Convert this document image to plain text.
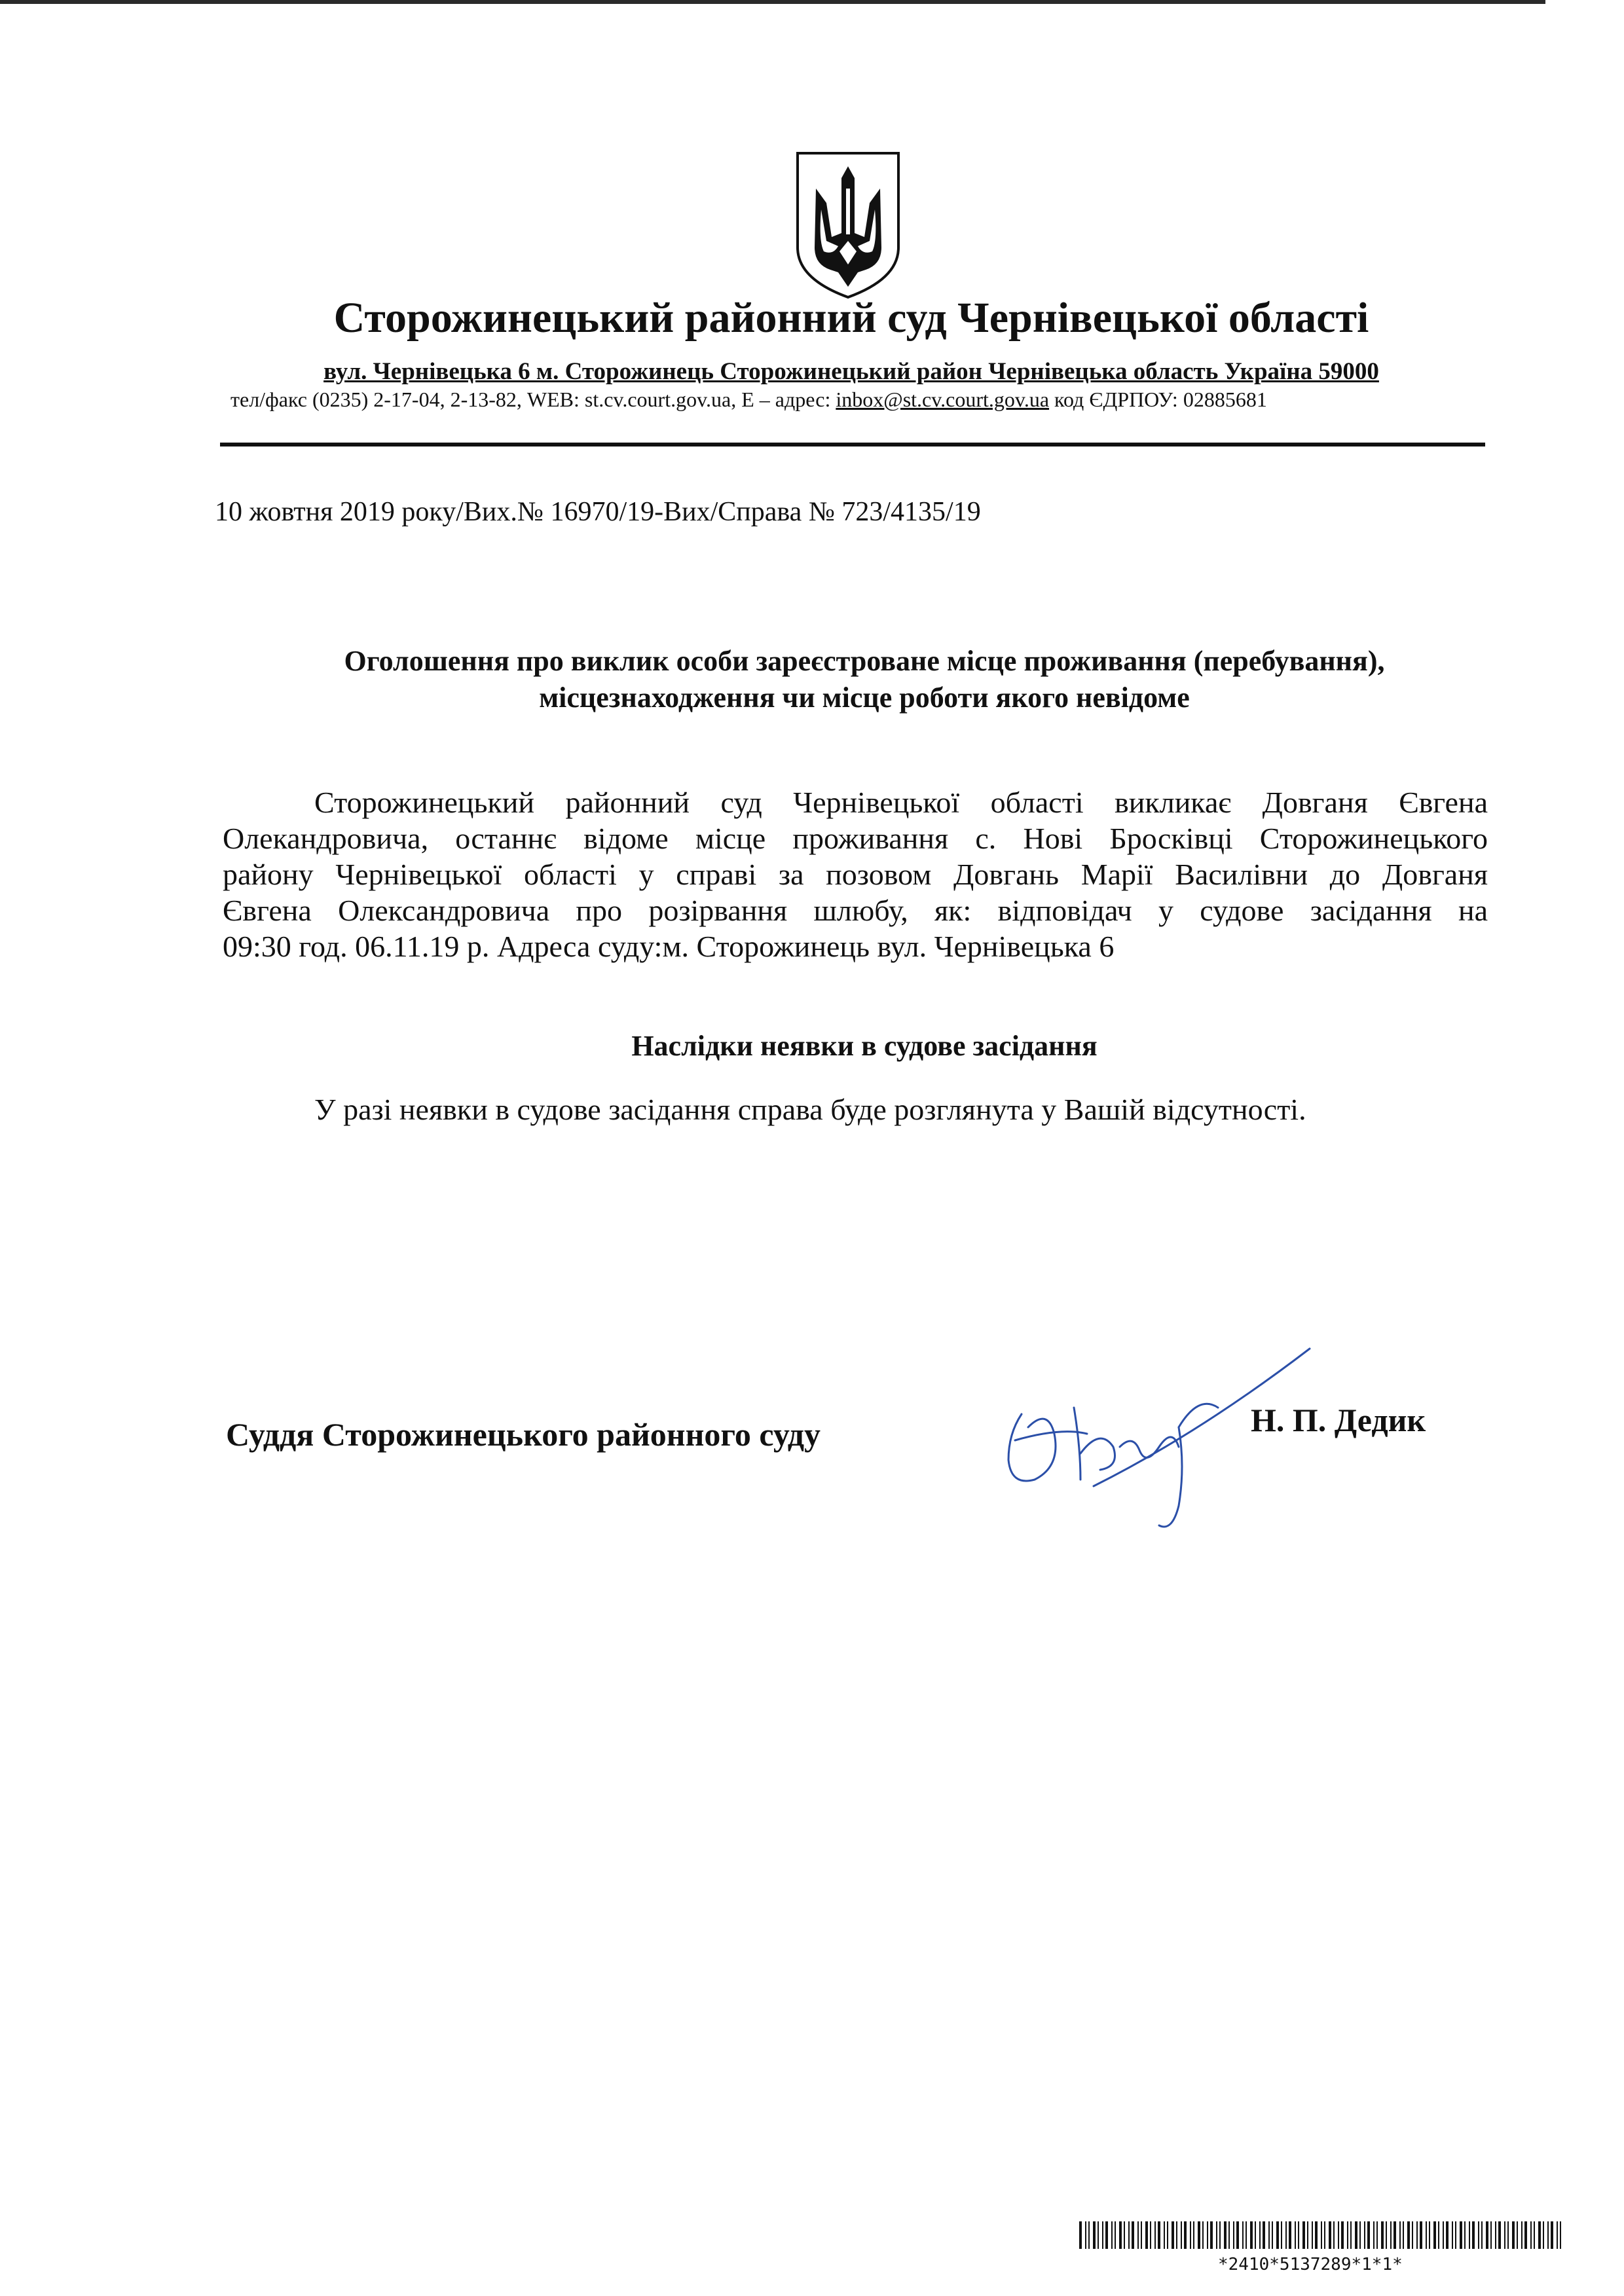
Сторожинецький районний суд Чернівецької області
вул. Чернівецька 6 м. Сторожинець Сторожинецький район Чернівецька область Україна 59000
тел/факс (0235) 2-17-04, 2-13-82, WEB: st.cv.court.gov.ua, E – адрес: inbox@st.cv.court.gov.ua код ЄДРПОУ: 02885681
10 жовтня 2019 року/Вих.№ 16970/19-Вих/Справа № 723/4135/19
Оголошення про виклик особи зареєстроване місце проживання (перебування),
місцезнаходження чи місце роботи якого невідоме
Сторожинецький районний суд Чернівецької області викликає Довганя Євгена
Олекандровича, останнє відоме місце проживання с. Нові Бросківці Сторожинецького
району Чернівецької області у справі за позовом Довгань Марії Василівни до Довганя
Євгена Олександровича про розірвання шлюбу, як: відповідач у судове засідання на
09:30 год. 06.11.19 р. Адреса суду:м. Сторожинець вул. Чернівецька 6
Наслідки неявки в судове засідання
У разі неявки в судове засідання справа буде розглянута у Вашій відсутності.
Суддя Сторожинецького районного суду	Н. П. Дедик
*2410*5137289*1*1*
